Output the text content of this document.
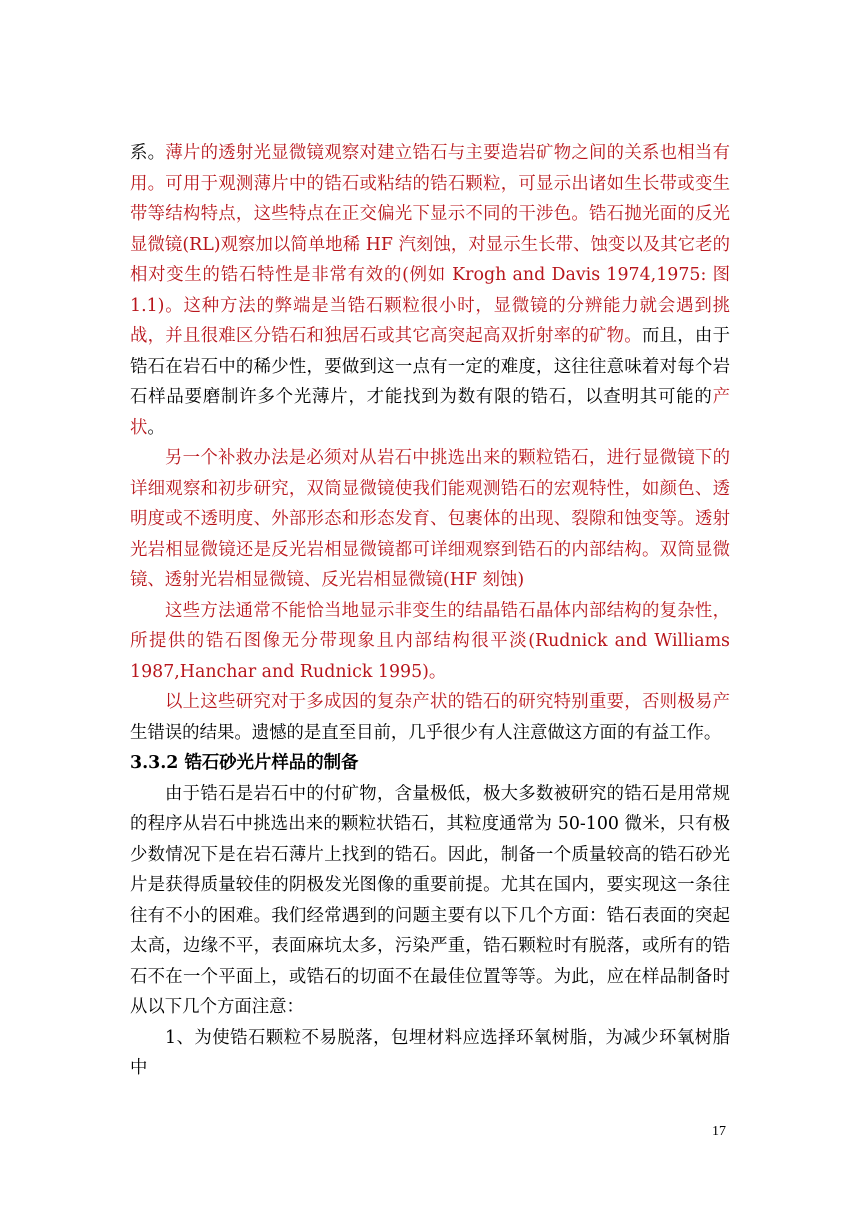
系。薄片的透射光显微镜观察对建立锆石与主要造岩矿物之间的关系也相当有用。可用于观测薄片中的锆石或粘结的锆石颗粒，可显示出诸如生长带或变生带等结构特点，这些特点在正交偏光下显示不同的干涉色。锆石抛光面的反光显微镜(RL)观察加以简单地稀 HF 汽刻蚀，对显示生长带、蚀变以及其它老的相对变生的锆石特性是非常有效的(例如 Krogh and Davis 1974,1975: 图 1.1)。这种方法的弊端是当锆石颗粒很小时，显微镜的分辨能力就会遇到挑战，并且很难区分锆石和独居石或其它高突起高双折射率的矿物。而且，由于锆石在岩石中的稀少性，要做到这一点有一定的难度，这往往意味着对每个岩石样品要磨制许多个光薄片，才能找到为数有限的锆石，以查明其可能的产状。

另一个补救办法是必须对从岩石中挑选出来的颗粒锆石，进行显微镜下的详细观察和初步研究，双筒显微镜使我们能观测锆石的宏观特性，如颜色、透明度或不透明度、外部形态和形态发育、包裹体的出现、裂隙和蚀变等。透射光岩相显微镜还是反光岩相显微镜都可详细观察到锆石的内部结构。双筒显微镜、透射光岩相显微镜、反光岩相显微镜(HF 刻蚀)

这些方法通常不能恰当地显示非变生的结晶锆石晶体内部结构的复杂性，所提供的锆石图像无分带现象且内部结构很平淡(Rudnick and Williams 1987,Hanchar and Rudnick 1995)。

以上这些研究对于多成因的复杂产状的锆石的研究特别重要，否则极易产生错误的结果。遗憾的是直至目前，几乎很少有人注意做这方面的有益工作。

3.3.2 锆石砂光片样品的制备

由于锆石是岩石中的付矿物，含量极低，极大多数被研究的锆石是用常规的程序从岩石中挑选出来的颗粒状锆石，其粒度通常为 50-100 微米，只有极少数情况下是在岩石薄片上找到的锆石。因此，制备一个质量较高的锆石砂光片是获得质量较佳的阴极发光图像的重要前提。尤其在国内，要实现这一条往往有不小的困难。我们经常遇到的问题主要有以下几个方面：锆石表面的突起太高，边缘不平，表面麻坑太多，污染严重，锆石颗粒时有脱落，或所有的锆石不在一个平面上，或锆石的切面不在最佳位置等等。为此，应在样品制备时从以下几个方面注意：

1、为使锆石颗粒不易脱落，包埋材料应选择环氧树脂，为减少环氧树脂中

17
